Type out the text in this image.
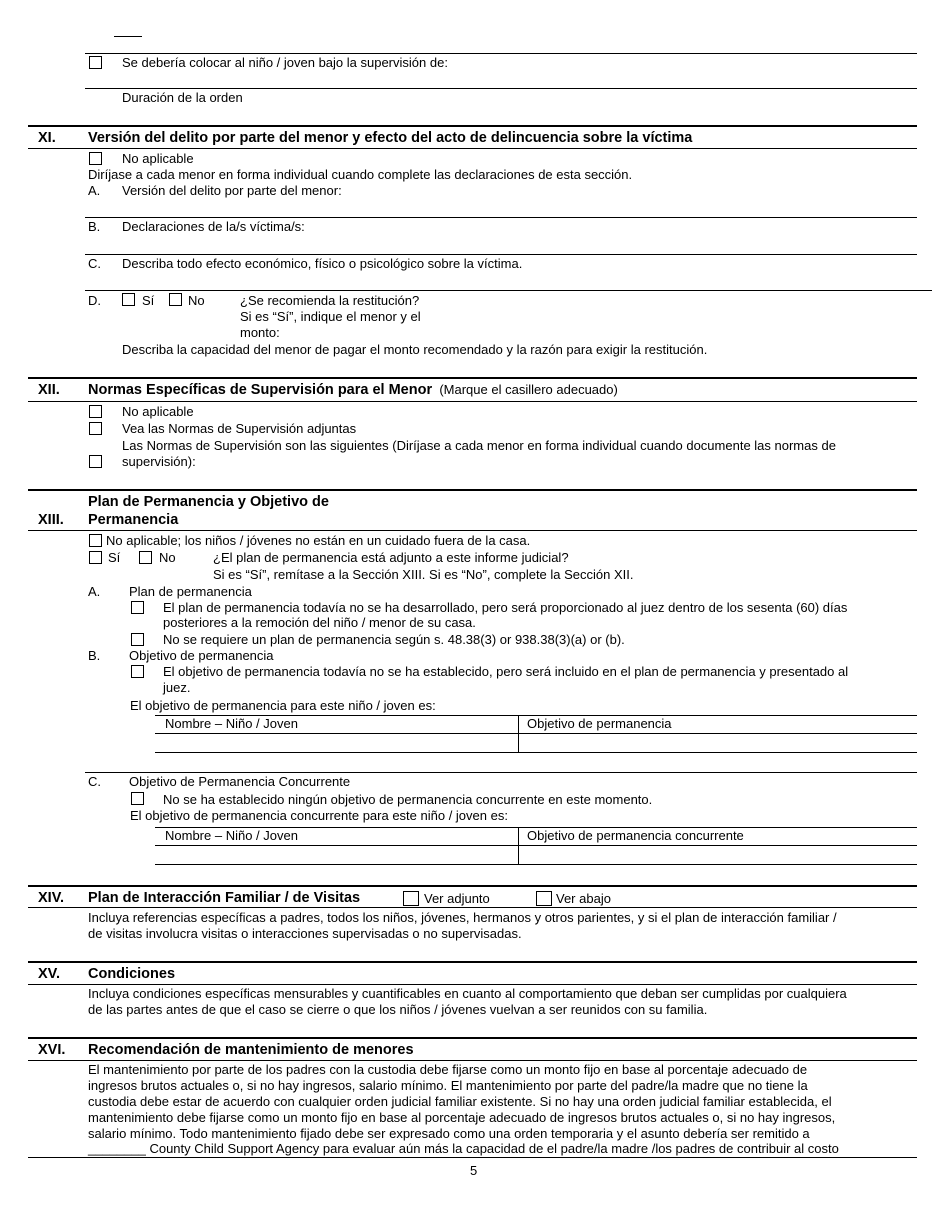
Se debería colocar al niño / joven bajo la supervisión de:
Duración de la orden
XI. Versión del delito por parte del menor y efecto del acto de delincuencia sobre la víctima
No aplicable
Diríjase a cada menor en forma individual cuando complete las declaraciones de esta sección.
A. Versión del delito por parte del menor:
B. Declaraciones de la/s víctima/s:
C. Describa todo efecto económico, físico o psicológico sobre la víctima.
D.	Sí	No	¿Se recomienda la restitución?
Si es “Sí”, indique el menor y el
monto:
Describa la capacidad del menor de pagar el monto recomendado y la razón para exigir la restitución.
XII. Normas Específicas de Supervisión para el Menor (Marque el casillero adecuado)
No aplicable
Vea las Normas de Supervisión adjuntas
Las Normas de Supervisión son las siguientes (Diríjase a cada menor en forma individual cuando documente las normas de
supervisión):
Plan de Permanencia y Objetivo de
XIII. Permanencia
No aplicable; los niños / jóvenes no están en un cuidado fuera de la casa.
Sí	No	¿El plan de permanencia está adjunto a este informe judicial?
Si es “Sí”, remítase a la Sección XIII. Si es “No”, complete la Sección XII.
A. Plan de permanencia
El plan de permanencia todavía no se ha desarrollado, pero será proporcionado al juez dentro de los sesenta (60) días
posteriores a la remoción del niño / menor de su casa.
No se requiere un plan de permanencia según s. 48.38(3) or 938.38(3)(a) or (b).
B. Objetivo de permanencia
El objetivo de permanencia todavía no se ha establecido, pero será incluido en el plan de permanencia y presentado al
juez.
El objetivo de permanencia para este niño / joven es:
Nombre – Niño / Joven	Objetivo de permanencia
C. Objetivo de Permanencia Concurrente
No se ha establecido ningún objetivo de permanencia concurrente en este momento.
El objetivo de permanencia concurrente para este niño / joven es:
Nombre – Niño / Joven	Objetivo de permanencia concurrente
XIV. Plan de Interacción Familiar / de Visitas	Ver adjunto	Ver abajo
Incluya referencias específicas a padres, todos los niños, jóvenes, hermanos y otros parientes, y si el plan de interacción familiar /
de visitas involucra visitas o interacciones supervisadas o no supervisadas.
XV. Condiciones
Incluya condiciones específicas mensurables y cuantificables en cuanto al comportamiento que deban ser cumplidas por cualquiera
de las partes antes de que el caso se cierre o que los niños / jóvenes vuelvan a ser reunidos con su familia.
XVI. Recomendación de mantenimiento de menores
El mantenimiento por parte de los padres con la custodia debe fijarse como un monto fijo en base al porcentaje adecuado de
ingresos brutos actuales o, si no hay ingresos, salario mínimo. El mantenimiento por parte del padre/la madre que no tiene la
custodia debe estar de acuerdo con cualquier orden judicial familiar existente. Si no hay una orden judicial familiar establecida, el
mantenimiento debe fijarse como un monto fijo en base al porcentaje adecuado de ingresos brutos actuales o, si no hay ingresos,
salario mínimo. Todo mantenimiento fijado debe ser expresado como una orden temporaria y el asunto debería ser remitido a
________ County Child Support Agency para evaluar aún más la capacidad de el padre/la madre /los padres de contribuir al costo
5
